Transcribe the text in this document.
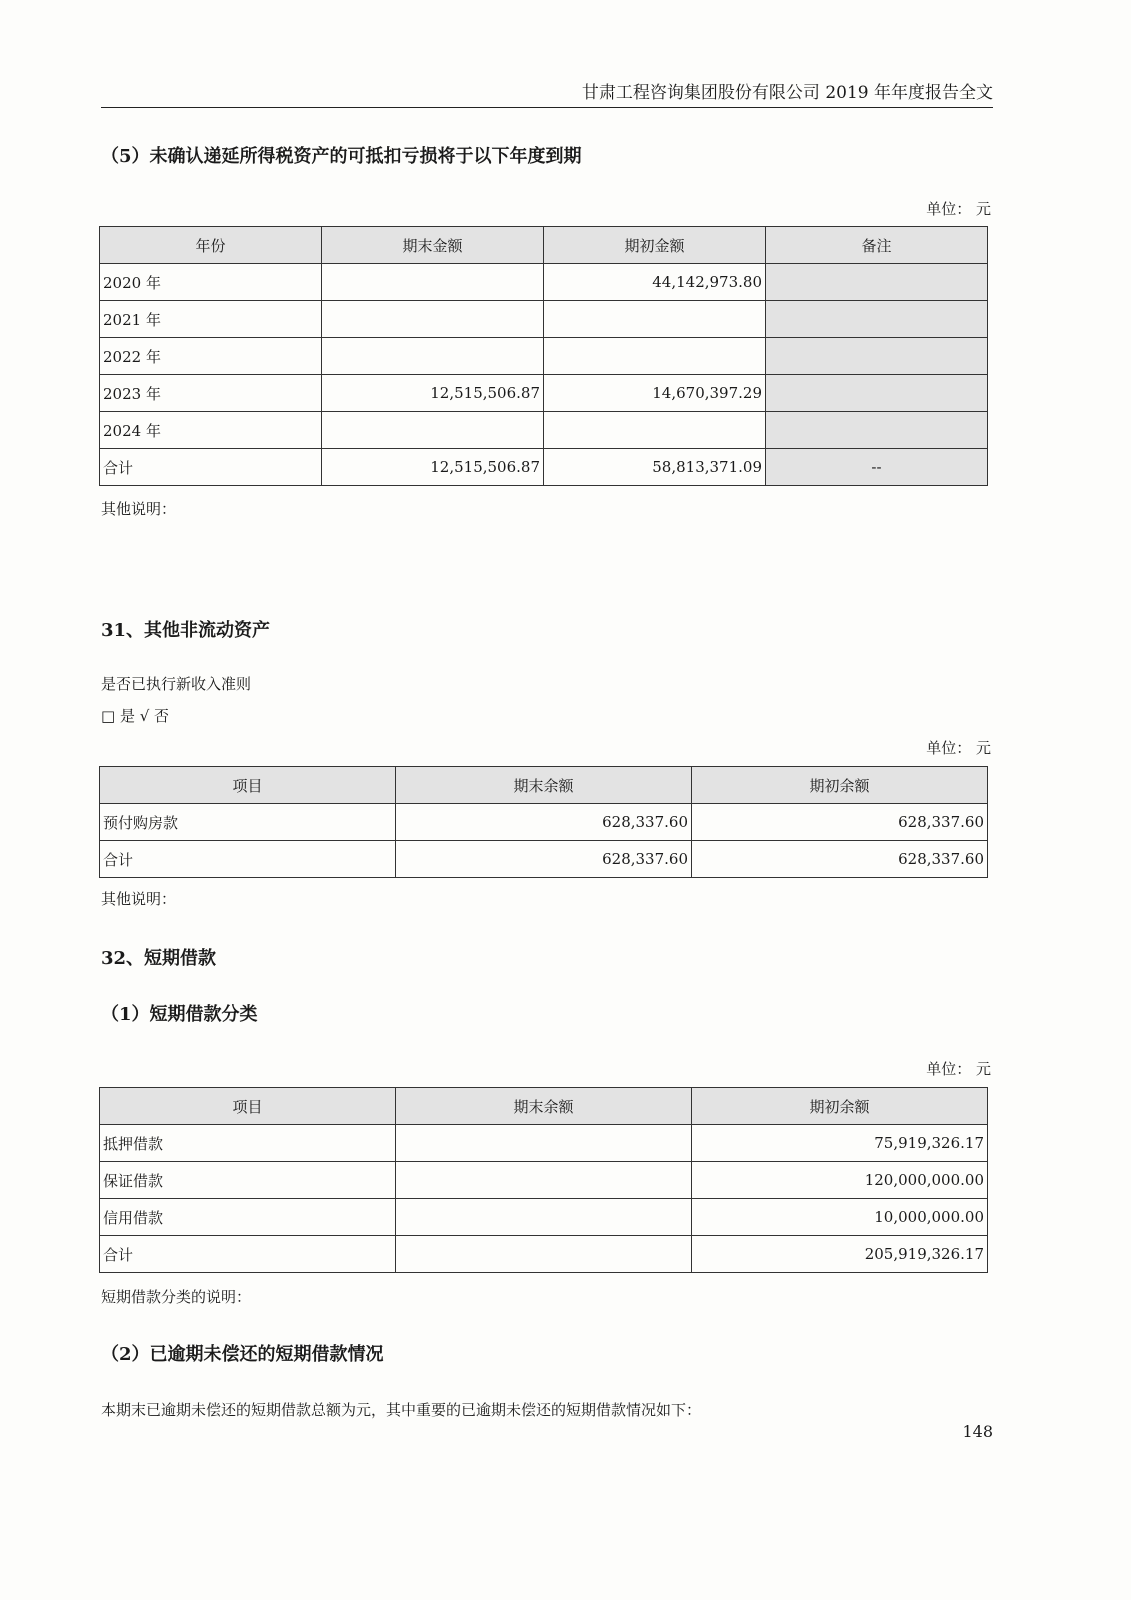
甘肃工程咨询集团股份有限公司 2019 年年度报告全文
（5）未确认递延所得税资产的可抵扣亏损将于以下年度到期
单位： 元
年份	期末金额	期初金额	备注
2020 年		44,142,973.80	
2021 年			
2022 年			
2023 年	12,515,506.87	14,670,397.29	
2024 年			
合计	12,515,506.87	58,813,371.09	--
其他说明：
31、其他非流动资产
是否已执行新收入准则
□ 是 √ 否
单位： 元
项目	期末余额	期初余额
预付购房款	628,337.60	628,337.60
合计	628,337.60	628,337.60
其他说明：
32、短期借款
（1）短期借款分类
单位： 元
项目	期末余额	期初余额
抵押借款		75,919,326.17
保证借款		120,000,000.00
信用借款		10,000,000.00
合计		205,919,326.17
短期借款分类的说明：
（2）已逾期未偿还的短期借款情况
本期末已逾期未偿还的短期借款总额为元，其中重要的已逾期未偿还的短期借款情况如下：
148
